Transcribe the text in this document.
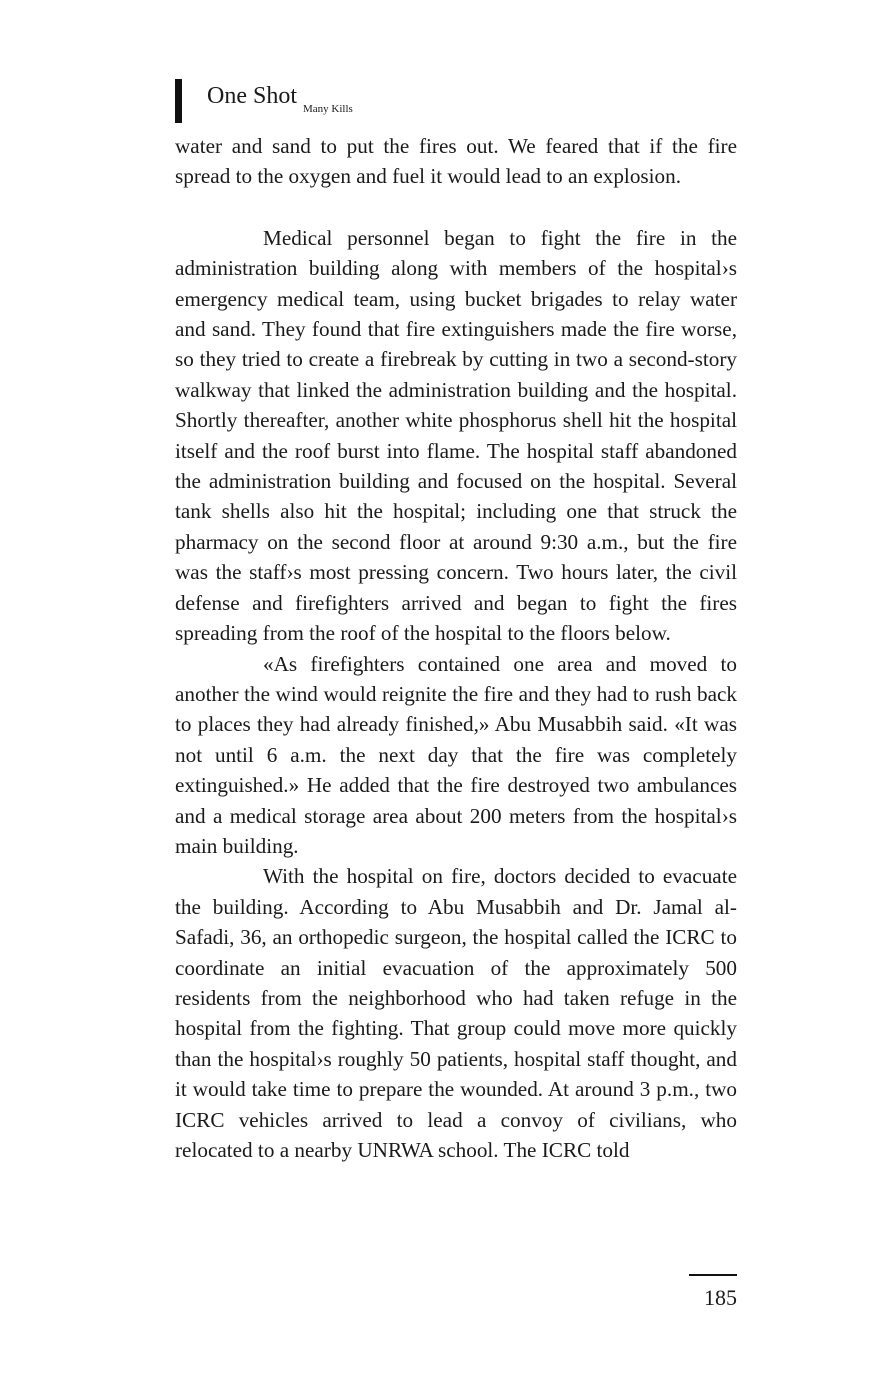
One Shot $_{Many Kills}$

water and sand to put the fires out. We feared that if the fire spread to the oxygen and fuel it would lead to an explosion.

Medical personnel began to fight the fire in the administration building along with members of the hospital›s emergency medical team, using bucket brigades to relay water and sand. They found that fire extinguishers made the fire worse, so they tried to create a firebreak by cutting in two a second-story walkway that linked the administration building and the hospital. Shortly thereafter, another white phosphorus shell hit the hospital itself and the roof burst into flame. The hospital staff abandoned the administration building and focused on the hospital. Several tank shells also hit the hospital; including one that struck the pharmacy on the second floor at around 9:30 a.m., but the fire was the staff›s most pressing concern. Two hours later, the civil defense and firefighters arrived and began to fight the fires spreading from the roof of the hospital to the floors below.

«As firefighters contained one area and moved to another the wind would reignite the fire and they had to rush back to places they had already finished,» Abu Musabbih said. «It was not until 6 a.m. the next day that the fire was completely extinguished.» He added that the fire destroyed two ambulances and a medical storage area about 200 meters from the hospital›s main building.

With the hospital on fire, doctors decided to evacuate the building. According to Abu Musabbih and Dr. Jamal al-Safadi, 36, an orthopedic surgeon, the hospital called the ICRC to coordinate an initial evacuation of the approximately 500 residents from the neighborhood who had taken refuge in the hospital from the fighting. That group could move more quickly than the hospital›s roughly 50 patients, hospital staff thought, and it would take time to prepare the wounded. At around 3 p.m., two ICRC vehicles arrived to lead a convoy of civilians, who relocated to a nearby UNRWA school. The ICRC told

185
